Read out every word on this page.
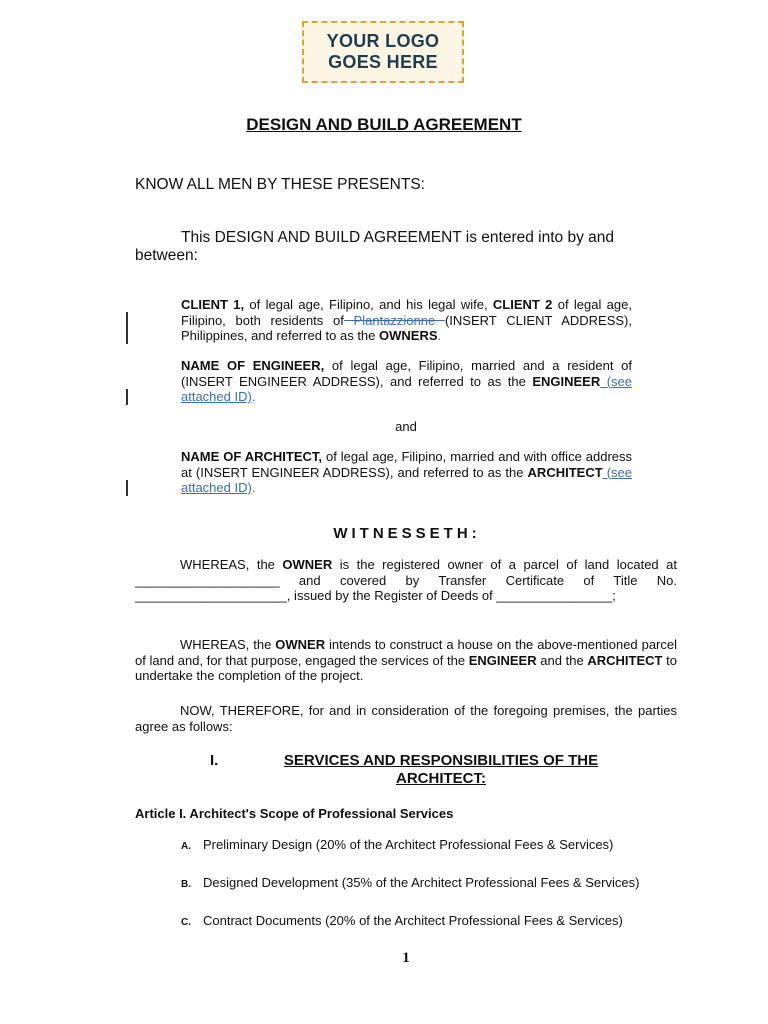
YOUR LOGO
GOES HERE
DESIGN AND BUILD AGREEMENT
KNOW ALL MEN BY THESE PRESENTS:
This DESIGN AND BUILD AGREEMENT is entered into by and between:
CLIENT 1, of legal age, Filipino, and his legal wife, CLIENT 2 of legal age, Filipino, both residents of Plantazzionne (INSERT CLIENT ADDRESS), Philippines, and referred to as the OWNERS.
NAME OF ENGINEER, of legal age, Filipino, married and a resident of (INSERT ENGINEER ADDRESS), and referred to as the ENGINEER (see attached ID).
and
NAME OF ARCHITECT, of legal age, Filipino, married and with office address at (INSERT ENGINEER ADDRESS), and referred to as the ARCHITECT (see attached ID).
WITNESSETH:
WHEREAS, the OWNER is the registered owner of a parcel of land located at ____________________ and covered by Transfer Certificate of Title No. _____________________, issued by the Register of Deeds of ________________;
WHEREAS, the OWNER intends to construct a house on the above-mentioned parcel of land and, for that purpose, engaged the services of the ENGINEER and the ARCHITECT to undertake the completion of the project.
NOW, THEREFORE, for and in consideration of the foregoing premises, the parties agree as follows:
I.	SERVICES AND RESPONSIBILITIES OF THE ARCHITECT:
Article I. Architect's Scope of Professional Services
A. Preliminary Design (20% of the Architect Professional Fees & Services)
B. Designed Development (35% of the Architect Professional Fees & Services)
C. Contract Documents (20% of the Architect Professional Fees & Services)
1
